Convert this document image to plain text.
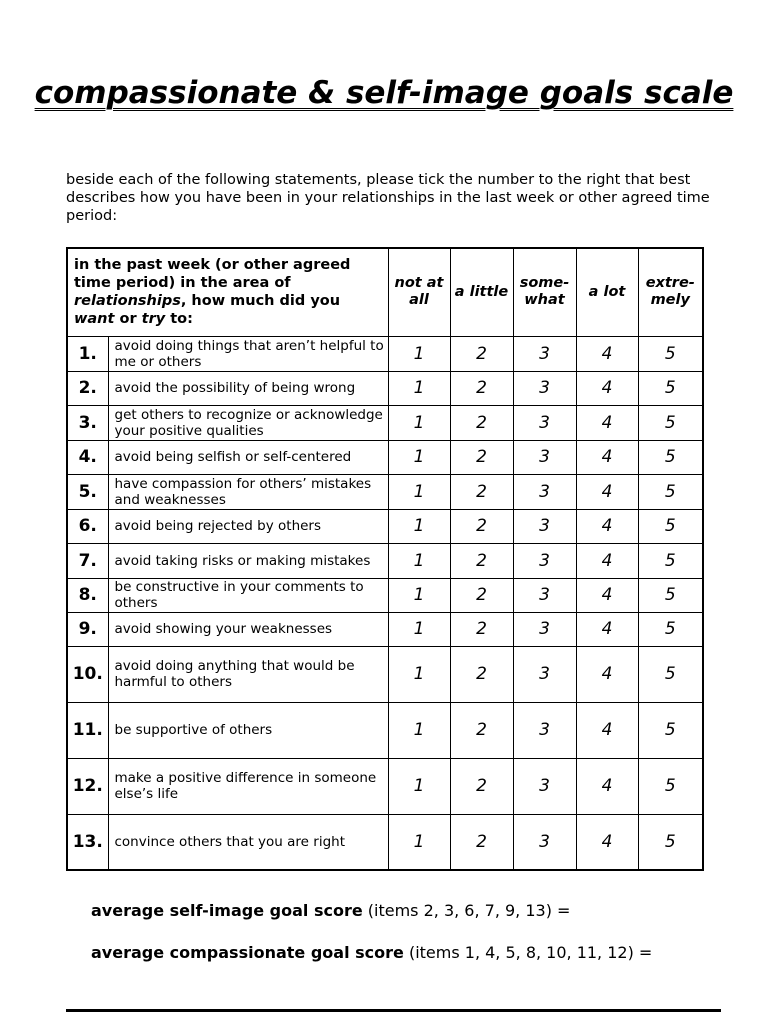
compassionate & self-image goals scale
beside each of the following statements, please tick the number to the right that best describes how you have been in your relationships in the last week or other agreed time period:
in the past week (or other agreed time period) in the area of relationships, how much did you want or try to:		not at all	a little	some-what	a lot	extre-mely
1.	avoid doing things that aren’t helpful to me or others	1	2	3	4	5
2.	avoid the possibility of being wrong	1	2	3	4	5
3.	get others to recognize or acknowledge your positive qualities	1	2	3	4	5
4.	avoid being selfish or self-centered	1	2	3	4	5
5.	have compassion for others’ mistakes and weaknesses	1	2	3	4	5
6.	avoid being rejected by others	1	2	3	4	5
7.	avoid taking risks or making mistakes	1	2	3	4	5
8.	be constructive in your comments to others	1	2	3	4	5
9.	avoid showing your weaknesses	1	2	3	4	5
10.	avoid doing anything that would be harmful to others	1	2	3	4	5
11.	be supportive of others	1	2	3	4	5
12.	make a positive difference in someone else’s life	1	2	3	4	5
13.	convince others that you are right	1	2	3	4	5
average self-image goal score (items 2, 3, 6, 7, 9, 13) =
average compassionate goal score (items 1, 4, 5, 8, 10, 11, 12) =
